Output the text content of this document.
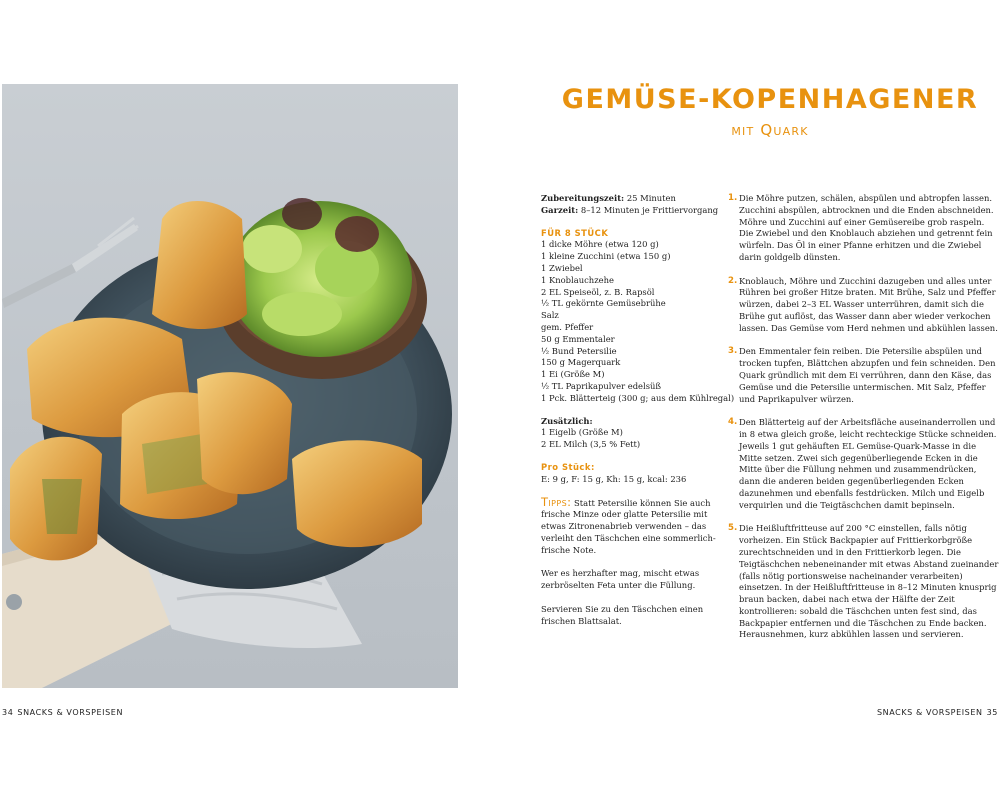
GEMÜSE-KOPENHAGENER
mit Quark
Zubereitungszeit: 25 Minuten
Garzeit: 8–12 Minuten je Frittiervorgang
FÜR 8 STÜCK
1 dicke Möhre (etwa 120 g)
1 kleine Zucchini (etwa 150 g)
1 Zwiebel
1 Knoblauchzehe
2 EL Speiseöl, z. B. Rapsöl
½ TL gekörnte Gemüsebrühe
Salz
gem. Pfeffer
50 g Emmentaler
½ Bund Petersilie
150 g Magerquark
1 Ei (Größe M)
½ TL Paprikapulver edelsüß
1 Pck. Blätterteig (300 g; aus dem Kühlregal)
Zusätzlich:
1 Eigelb (Größe M)
2 EL Milch (3,5 % Fett)
Pro Stück:
E: 9 g, F: 15 g, Kh: 15 g, kcal: 236
Tipps: Statt Petersilie können Sie auch frische Minze oder glatte Petersilie mit etwas Zitronenabrieb verwenden – das verleiht den Täschchen eine sommerlich-frische Note.
Wer es herzhafter mag, mischt etwas zerbröselten Feta unter die Füllung.
Servieren Sie zu den Täschchen einen frischen Blattsalat.
1. Die Möhre putzen, schälen, abspülen und abtropfen lassen. Zucchini abspülen, abtrocknen und die Enden abschneiden. Möhre und Zucchini auf einer Gemüsereibe grob raspeln. Die Zwiebel und den Knoblauch abziehen und getrennt fein würfeln. Das Öl in einer Pfanne erhitzen und die Zwiebel darin goldgelb dünsten.
2. Knoblauch, Möhre und Zucchini dazugeben und alles unter Rühren bei großer Hitze braten. Mit Brühe, Salz und Pfeffer würzen, dabei 2–3 EL Wasser unterrühren, damit sich die Brühe gut auflöst, das Wasser dann aber wieder verkochen lassen. Das Gemüse vom Herd nehmen und abkühlen lassen.
3. Den Emmentaler fein reiben. Die Petersilie abspülen und trocken tupfen, Blättchen abzupfen und fein schneiden. Den Quark gründlich mit dem Ei verrühren, dann den Käse, das Gemüse und die Petersilie untermischen. Mit Salz, Pfeffer und Paprikapulver würzen.
4. Den Blätterteig auf der Arbeitsfläche auseinanderrollen und in 8 etwa gleich große, leicht rechteckige Stücke schneiden. Jeweils 1 gut gehäuften EL Gemüse-Quark-Masse in die Mitte setzen. Zwei sich gegenüberliegende Ecken in die Mitte über die Füllung nehmen und zusammendrücken, dann die anderen beiden gegenüberliegenden Ecken dazunehmen und ebenfalls festdrücken. Milch und Eigelb verquirlen und die Teigtäschchen damit bepinseln.
5. Die Heißluftfritteuse auf 200 °C einstellen, falls nötig vorheizen. Ein Stück Backpapier auf Frittierkorbgröße zurechtschneiden und in den Frittierkorb legen. Die Teigtäschchen nebeneinander mit etwas Abstand zueinander (falls nötig portionsweise nacheinander verarbeiten) einsetzen. In der Heißluftfritteuse in 8–12 Minuten knusprig braun backen, dabei nach etwa der Hälfte der Zeit kontrollieren: sobald die Täschchen unten fest sind, das Backpapier entfernen und die Täschchen zu Ende backen. Herausnehmen, kurz abkühlen lassen und servieren.
34 SNACKS & VORSPEISEN	SNACKS & VORSPEISEN 35
